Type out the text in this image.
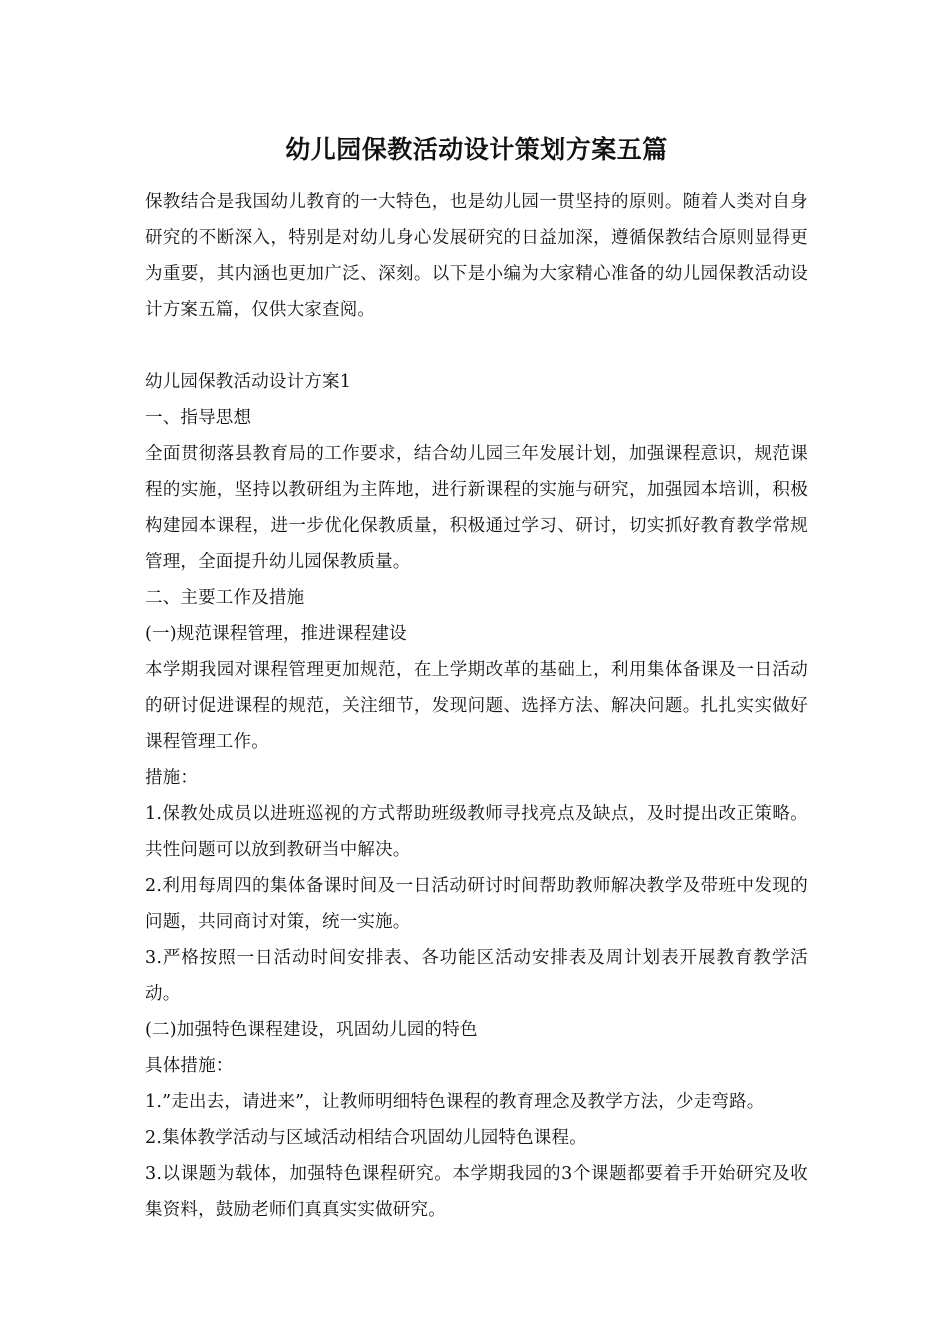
幼儿园保教活动设计策划方案五篇

保教结合是我国幼儿教育的一大特色，也是幼儿园一贯坚持的原则。随着人类对自身研究的不断深入，特别是对幼儿身心发展研究的日益加深，遵循保教结合原则显得更为重要，其内涵也更加广泛、深刻。以下是小编为大家精心准备的幼儿园保教活动设计方案五篇，仅供大家查阅。

幼儿园保教活动设计方案1

一、指导思想

全面贯彻落县教育局的工作要求，结合幼儿园三年发展计划，加强课程意识，规范课程的实施，坚持以教研组为主阵地，进行新课程的实施与研究，加强园本培训，积极构建园本课程，进一步优化保教质量，积极通过学习、研讨，切实抓好教育教学常规管理，全面提升幼儿园保教质量。

二、主要工作及措施

(一)规范课程管理，推进课程建设

本学期我园对课程管理更加规范，在上学期改革的基础上，利用集体备课及一日活动的研讨促进课程的规范，关注细节，发现问题、选择方法、解决问题。扎扎实实做好课程管理工作。

措施：

1.保教处成员以进班巡视的方式帮助班级教师寻找亮点及缺点，及时提出改正策略。共性问题可以放到教研当中解决。

2.利用每周四的集体备课时间及一日活动研讨时间帮助教师解决教学及带班中发现的问题，共同商讨对策，统一实施。

3.严格按照一日活动时间安排表、各功能区活动安排表及周计划表开展教育教学活动。

(二)加强特色课程建设，巩固幼儿园的特色

具体措施：

1.”走出去，请进来”，让教师明细特色课程的教育理念及教学方法，少走弯路。

2.集体教学活动与区域活动相结合巩固幼儿园特色课程。

3.以课题为载体，加强特色课程研究。本学期我园的3个课题都要着手开始研究及收集资料，鼓励老师们真真实实做研究。
